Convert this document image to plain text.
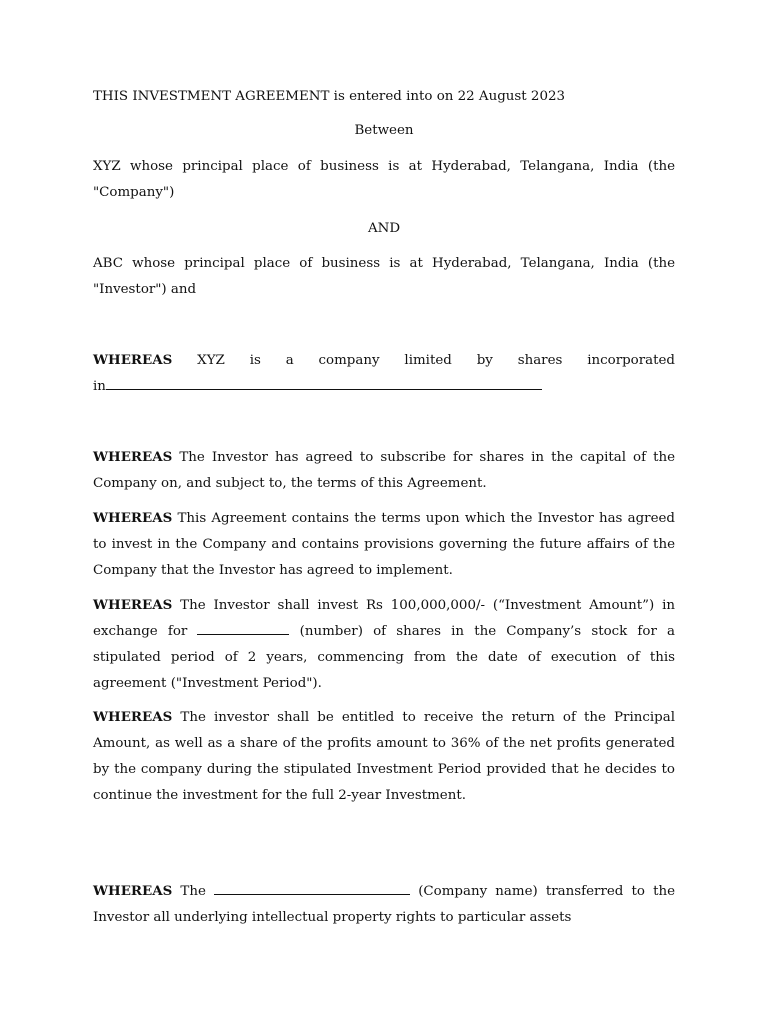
THIS INVESTMENT AGREEMENT is entered into on 22 August 2023
Between
XYZ whose principal place of business is at Hyderabad, Telangana, India (the "Company")
AND
ABC whose principal place of business is at Hyderabad, Telangana, India (the "Investor") and
WHEREAS XYZ is a company limited by shares incorporated
in
WHEREAS The Investor has agreed to subscribe for shares in the capital of the Company on, and subject to, the terms of this Agreement.
WHEREAS This Agreement contains the terms upon which the Investor has agreed to invest in the Company and contains provisions governing the future affairs of the Company that the Investor has agreed to implement.
WHEREAS The Investor shall invest Rs 100,000,000/- (“Investment Amount”) in exchange for	(number) of shares in the Company’s stock for a stipulated period of 2 years, commencing from the date of execution of this agreement ("Investment Period").
WHEREAS The investor shall be entitled to receive the return of the Principal Amount, as well as a share of the profits amount to 36% of the net profits generated by the company during the stipulated Investment Period provided that he decides to continue the investment for the full 2-year Investment.
WHEREAS The	(Company name) transferred to the Investor all underlying intellectual property rights to particular assets
